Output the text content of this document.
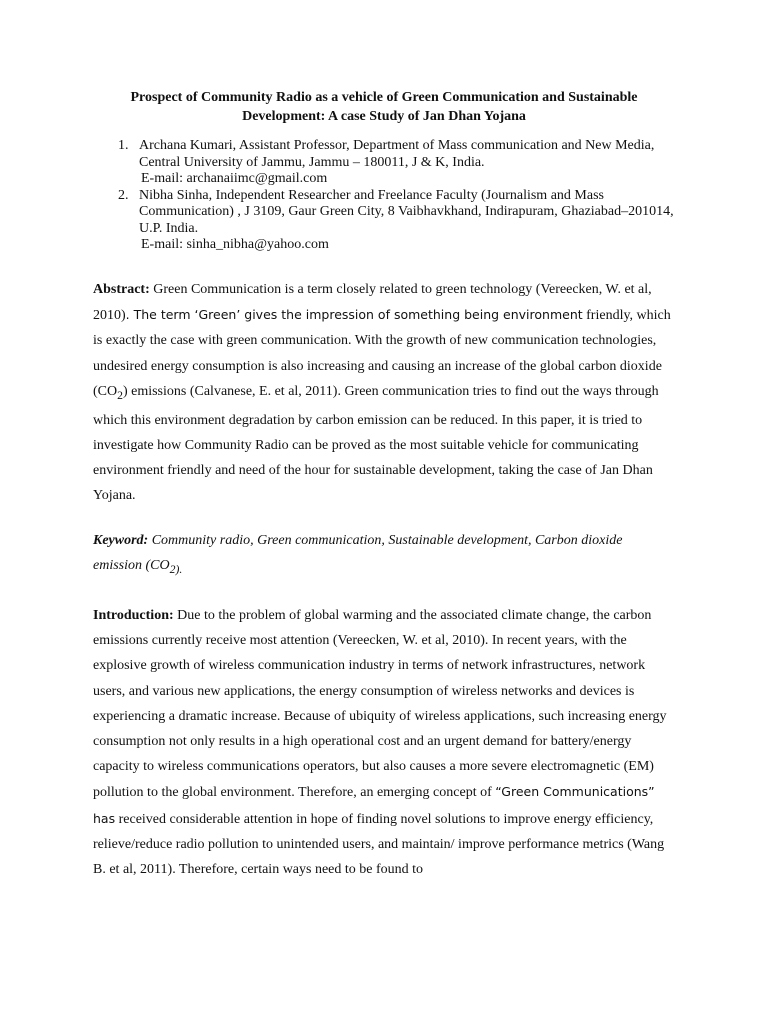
Prospect of Community Radio as a vehicle of Green Communication and Sustainable
Development: A case Study of Jan Dhan Yojana
1. Archana Kumari, Assistant Professor, Department of Mass communication and New Media, Central University of Jammu, Jammu – 180011, J & K, India.
E-mail: archanaiimc@gmail.com
2. Nibha Sinha, Independent Researcher and Freelance Faculty (Journalism and Mass Communication) , J 3109, Gaur Green City, 8 Vaibhavkhand, Indirapuram, Ghaziabad–201014, U.P. India.
E-mail: sinha_nibha@yahoo.com

Abstract: Green Communication is a term closely related to green technology (Vereecken, W. et al, 2010). The term ‘Green’ gives the impression of something being environment friendly, which is exactly the case with green communication. With the growth of new communication technologies, undesired energy consumption is also increasing and causing an increase of the global carbon dioxide $(CO_2)$ emissions (Calvanese, E. et al, 2011). Green communication tries to find out the ways through which this environment degradation by carbon emission can be reduced. In this paper, it is tried to investigate how Community Radio can be proved as the most suitable vehicle for communicating environment friendly and need of the hour for sustainable development, taking the case of Jan Dhan Yojana.

Keyword: Community radio, Green communication, Sustainable development, Carbon dioxide emission ($CO_{2).}$

Introduction: Due to the problem of global warming and the associated climate change, the carbon emissions currently receive most attention (Vereecken, W. et al, 2010). In recent years, with the explosive growth of wireless communication industry in terms of network infrastructures, network users, and various new applications, the energy consumption of wireless networks and devices is experiencing a dramatic increase. Because of ubiquity of wireless applications, such increasing energy consumption not only results in a high operational cost and an urgent demand for battery/energy capacity to wireless communications operators, but also causes a more severe electromagnetic (EM) pollution to the global environment. Therefore, an emerging concept of “Green Communications” has received considerable attention in hope of finding novel solutions to improve energy efficiency, relieve/reduce radio pollution to unintended users, and maintain/ improve performance metrics (Wang B. et al, 2011). Therefore, certain ways need to be found to
